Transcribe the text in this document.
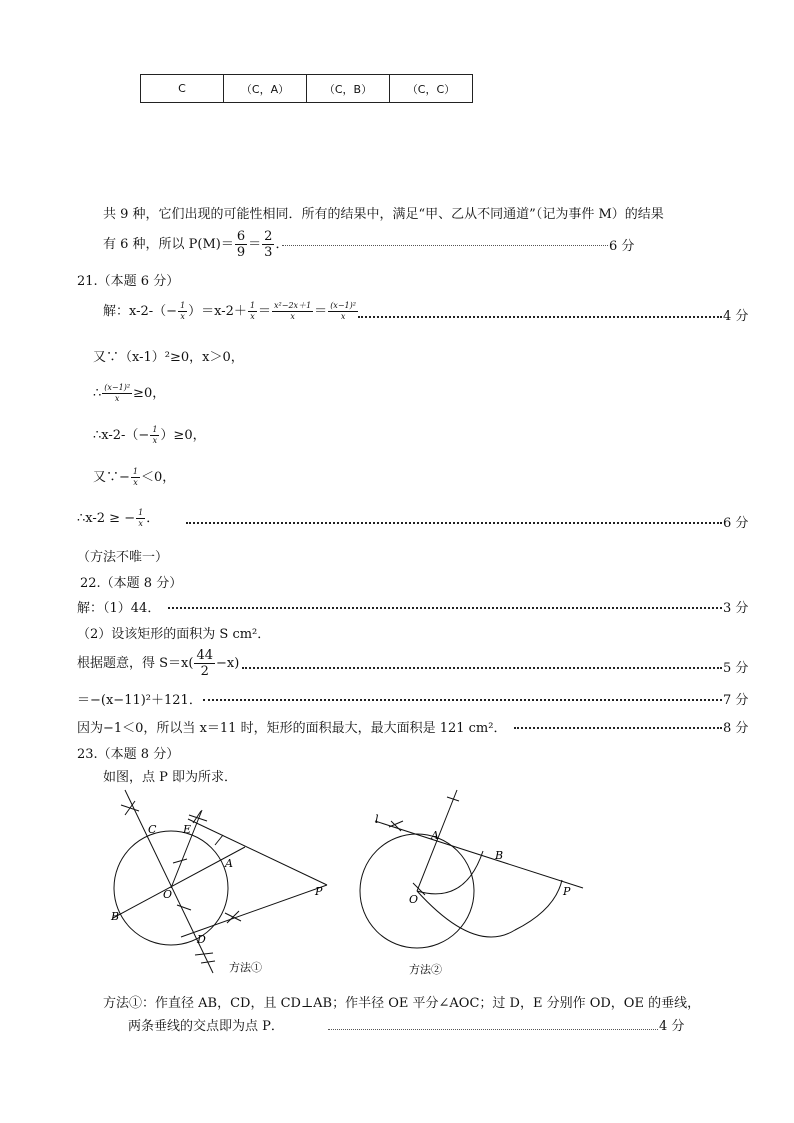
C	（C，A）	（C，B）	（C，C）
共 9 种，它们出现的可能性相同．所有的结果中，满足“甲、乙从不同通道”（记为事件 M）的结果
有 6 种，所以 $P(M)= \frac{6}{9} = \frac{2}{3}$ ．	6 分
21.（本题 6 分）
解：$x-2-(- \frac{1}{x} )=x-2+ \frac{1}{x} = \frac{\text{x²−2x＋1}}{x} = \frac{\text{(x−1)²}}{x}$	4 分
又∵（x-1）²≥0，x＞0，
∴ $\frac{\text{(x−1)²}}{x} \ge 0$，
∴x-2-（− $\frac{1}{x} )\ge 0$，
又∵− $\frac{1}{x} <0$，
∴x-2 ≥ − $\frac{1}{x}$ ．	6 分
（方法不唯一）
22.（本题 8 分）
解：（1）44．	3 分
（2）设该矩形的面积为 S cm²．
根据题意，得 $S=x( \frac{44}{2} -x)$	5 分
＝−(x−11)²＋121．	7 分
因为−1＜0，所以当 x＝11 时，矩形的面积最大，最大面积是 121 cm²．	8 分
23.（本题 8 分）
如图，点 P 即为所求．
C E
A
O	P
B
D
方法①
l
A
B
O
P
方法②
方法①：作直径 AB，CD，且 CD⊥AB；作半径 OE 平分∠AOC；过 D，E 分别作 OD，OE 的垂线，
两条垂线的交点即为点 P．	4 分
